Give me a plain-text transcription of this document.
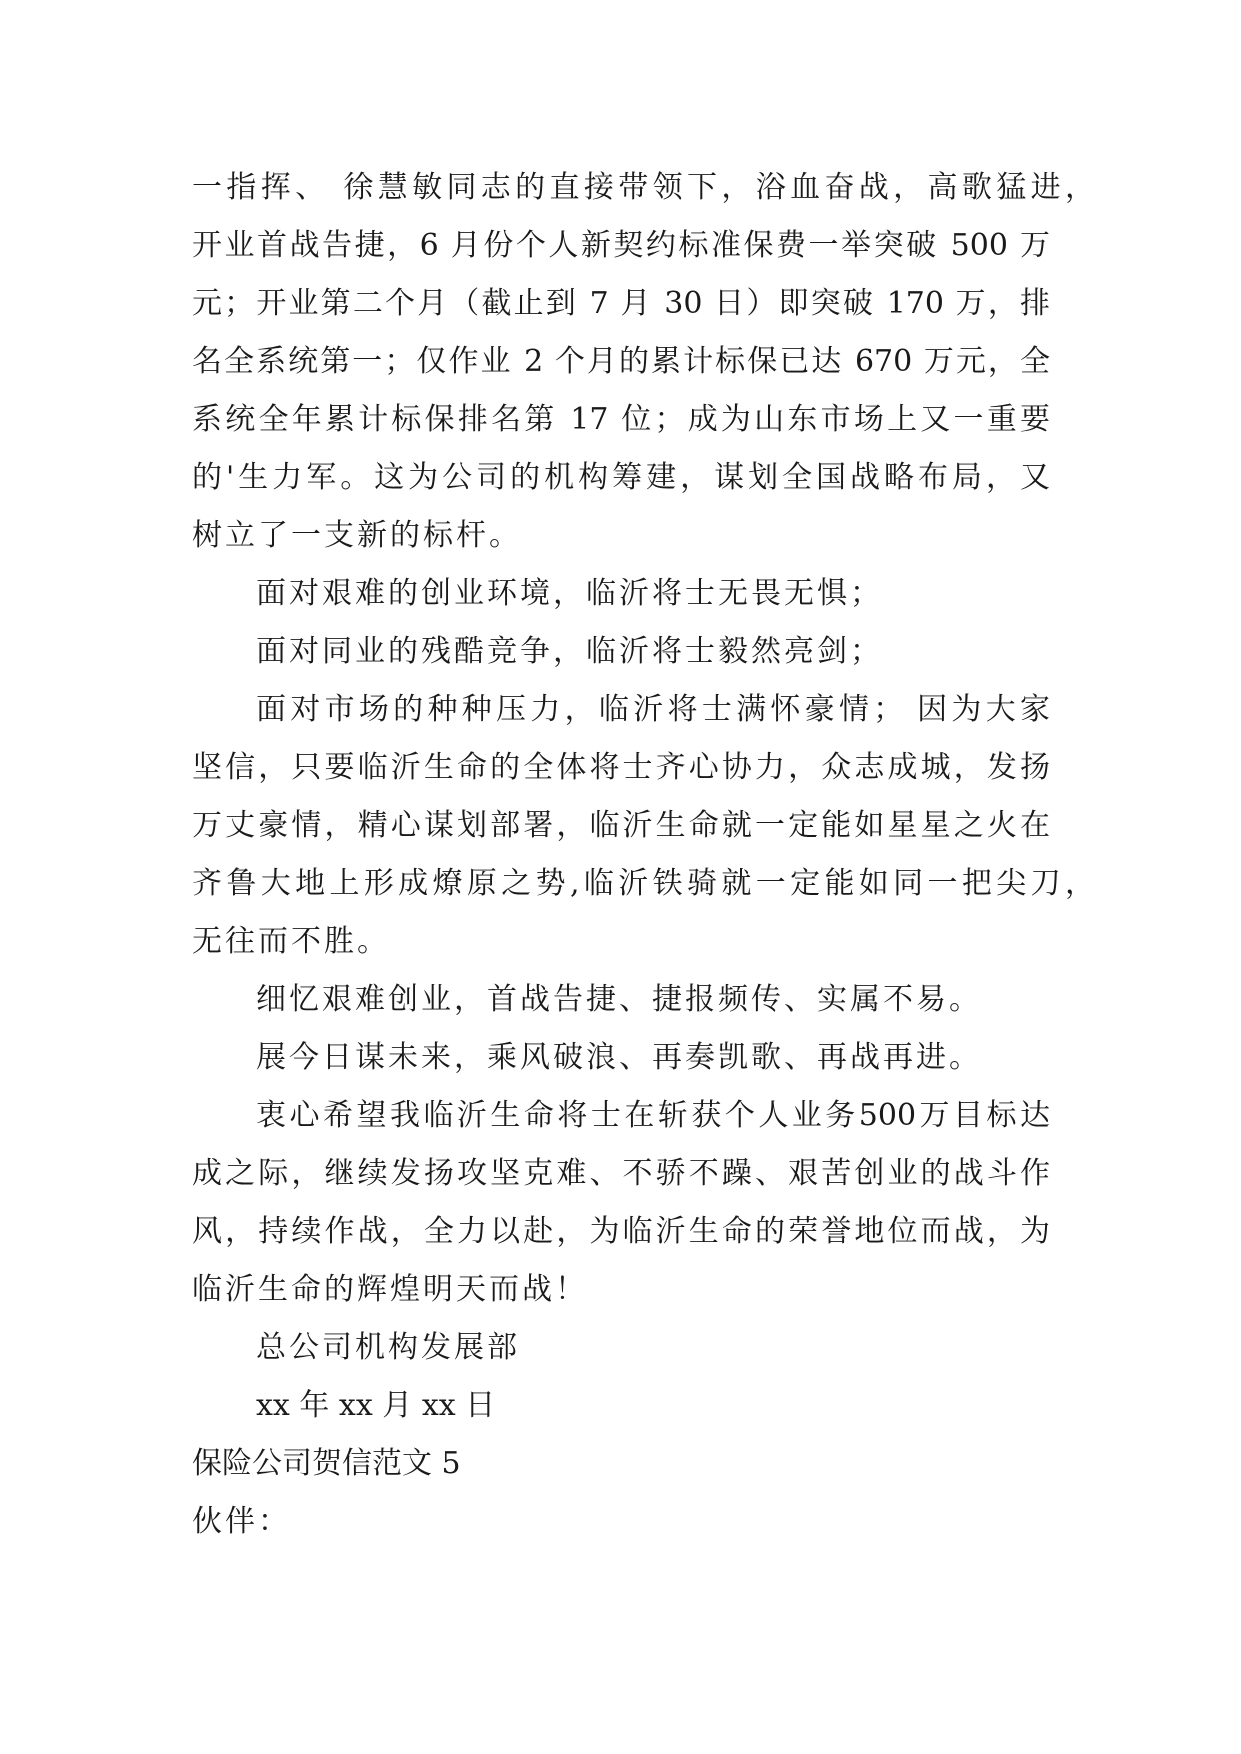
一指挥、 徐慧敏同志的直接带领下，浴血奋战，高歌猛进，
开业首战告捷，6 月份个人新契约标准保费一举突破 500 万
元；开业第二个月（截止到 7 月 30 日）即突破 170 万，排
名全系统第一；仅作业 2 个月的累计标保已达 670 万元，全
系统全年累计标保排名第 17 位；成为山东市场上又一重要
的'生力军。这为公司的机构筹建，谋划全国战略布局，又
树立了一支新的标杆。
面对艰难的创业环境，临沂将士无畏无惧；
面对同业的残酷竞争，临沂将士毅然亮剑；
面对市场的种种压力，临沂将士满怀豪情； 因为大家
坚信，只要临沂生命的全体将士齐心协力，众志成城，发扬
万丈豪情，精心谋划部署，临沂生命就一定能如星星之火在
齐鲁大地上形成燎原之势,临沂铁骑就一定能如同一把尖刀，
无往而不胜。
细忆艰难创业，首战告捷、捷报频传、实属不易。
展今日谋未来，乘风破浪、再奏凯歌、再战再进。
衷心希望我临沂生命将士在斩获个人业务500万目标达
成之际，继续发扬攻坚克难、不骄不躁、艰苦创业的战斗作
风，持续作战，全力以赴，为临沂生命的荣誉地位而战，为
临沂生命的辉煌明天而战！
总公司机构发展部
xx 年 xx 月 xx 日
保险公司贺信范文 5
伙伴：
